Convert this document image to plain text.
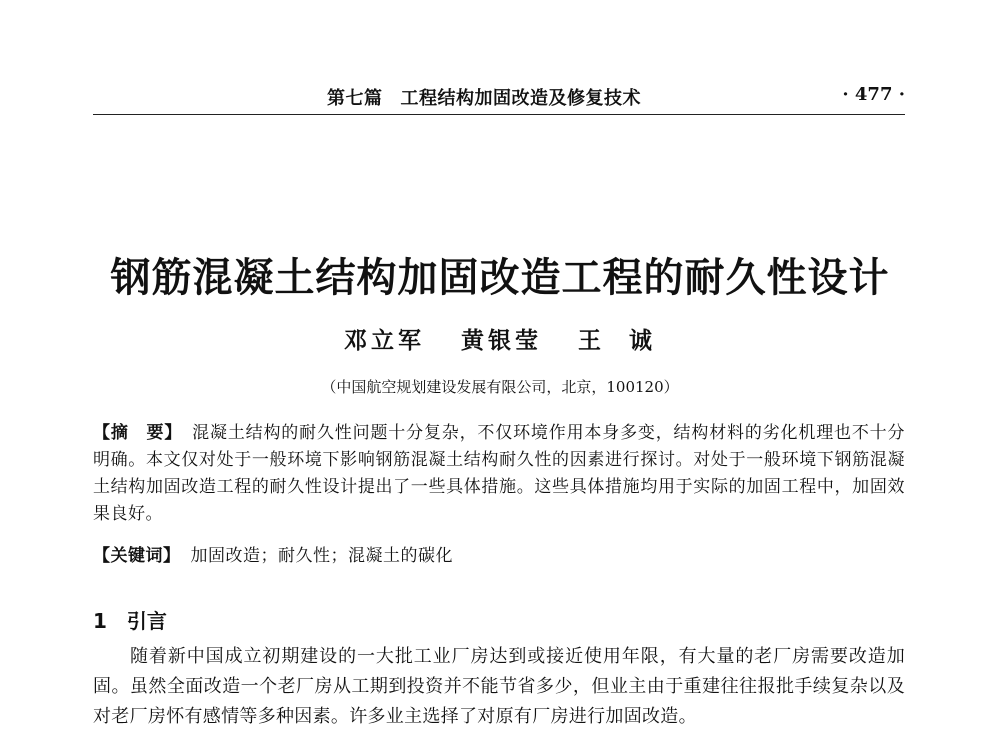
第七篇 工程结构加固改造及修复技术	· 477 ·
钢筋混凝土结构加固改造工程的耐久性设计
邓立军   黄银莹   王  诚
（中国航空规划建设发展有限公司，北京，100120）
【摘　要】 混凝土结构的耐久性问题十分复杂，不仅环境作用本身多变，结构材料的劣化机理也不十分明确。本文仅对处于一般环境下影响钢筋混凝土结构耐久性的因素进行探讨。对处于一般环境下钢筋混凝土结构加固改造工程的耐久性设计提出了一些具体措施。这些具体措施均用于实际的加固工程中，加固效果良好。
【关键词】 加固改造；耐久性；混凝土的碳化
1 引言
随着新中国成立初期建设的一大批工业厂房达到或接近使用年限，有大量的老厂房需要改造加固。虽然全面改造一个老厂房从工期到投资并不能节省多少，但业主由于重建往往报批手续复杂以及对老厂房怀有感情等多种因素。许多业主选择了对原有厂房进行加固改造。
